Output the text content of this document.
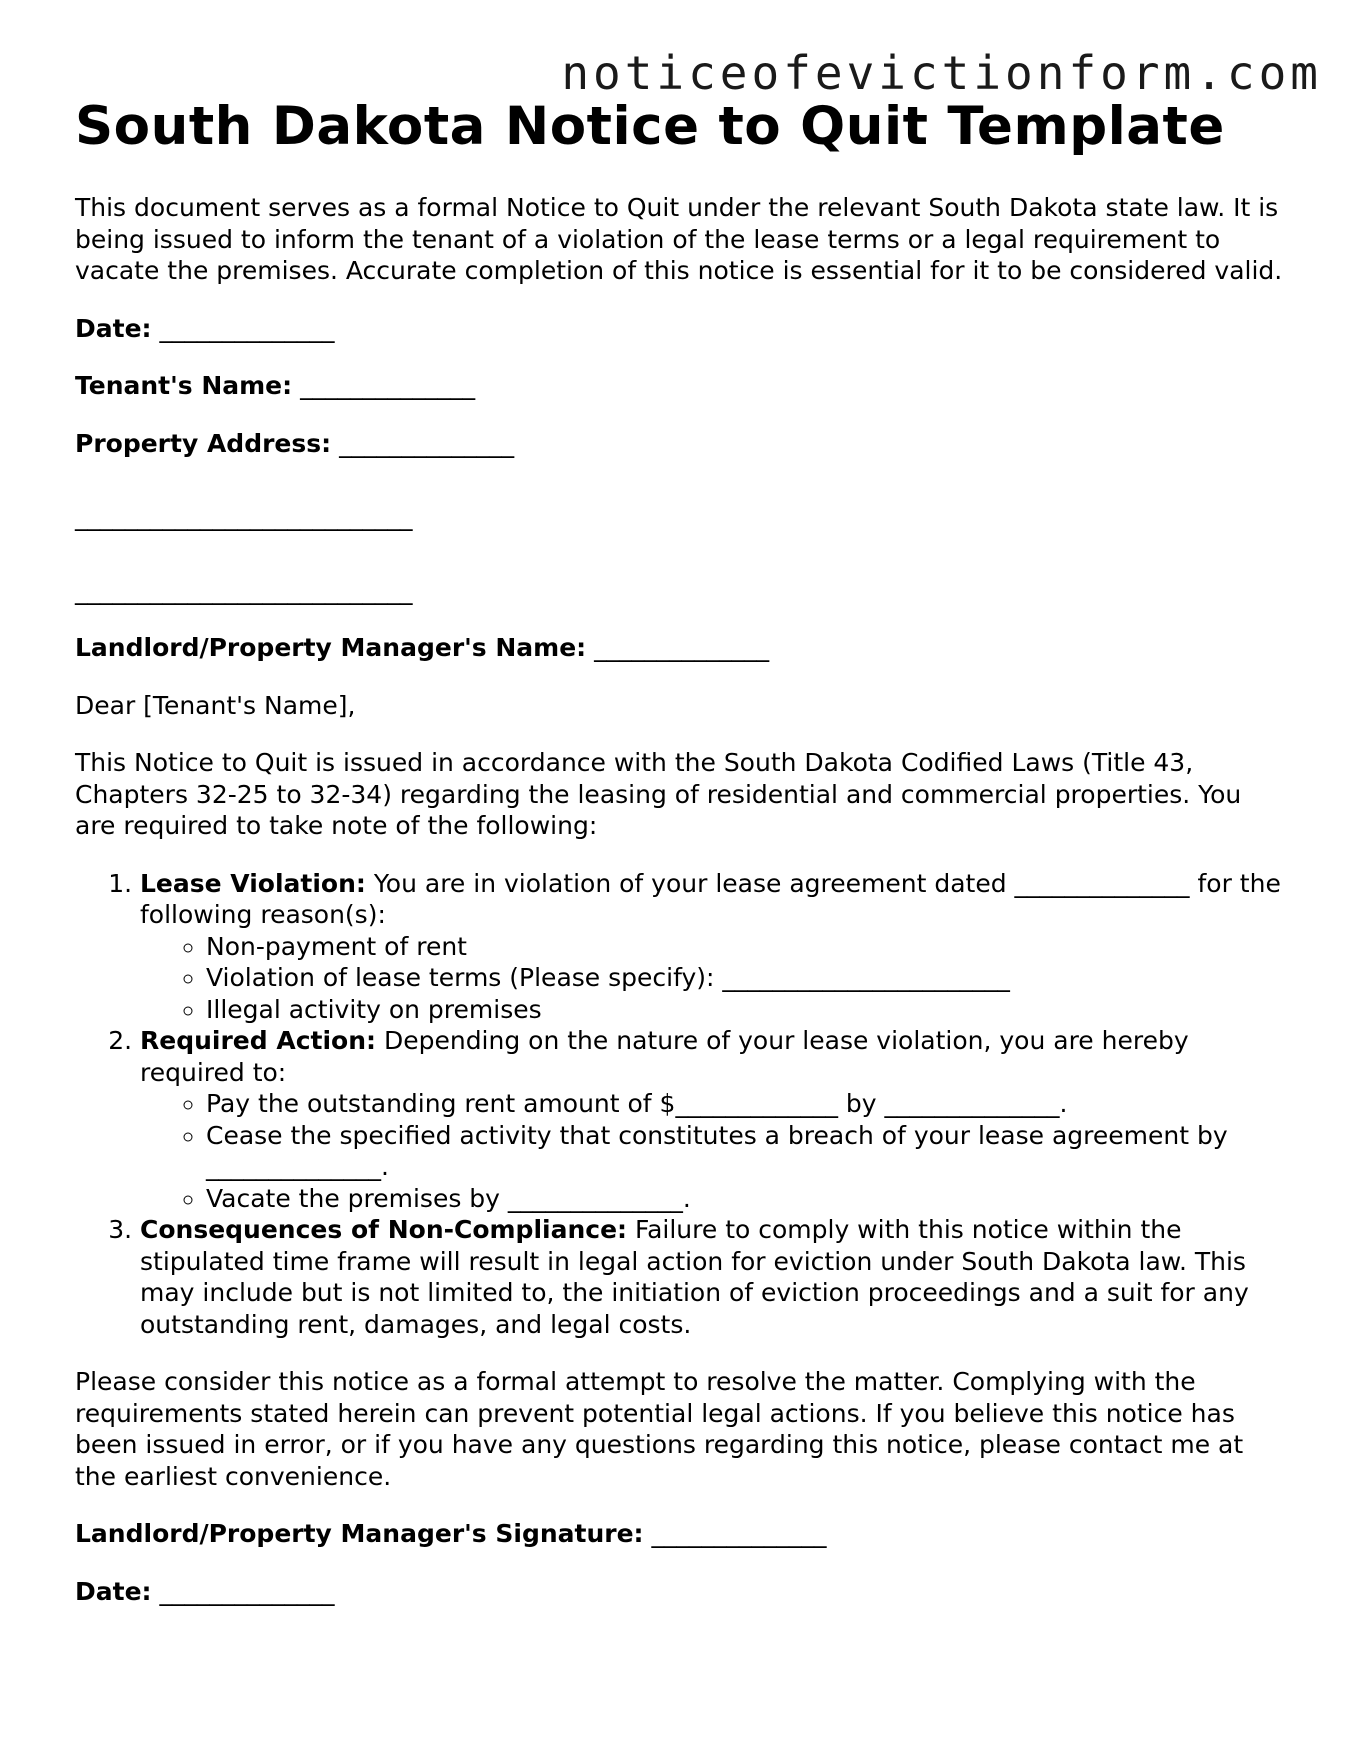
noticeofevictionform.com
South Dakota Notice to Quit Template

This document serves as a formal Notice to Quit under the relevant South Dakota state law. It is being issued to inform the tenant of a violation of the lease terms or a legal requirement to vacate the premises. Accurate completion of this notice is essential for it to be considered valid.

Date: ______________
Tenant's Name: ______________
Property Address: ______________
___________________________
___________________________
Landlord/Property Manager's Name: ______________

Dear [Tenant's Name],

This Notice to Quit is issued in accordance with the South Dakota Codified Laws (Title 43, Chapters 32-25 to 32-34) regarding the leasing of residential and commercial properties. You are required to take note of the following:

1. Lease Violation: You are in violation of your lease agreement dated ______________ for the following reason(s):
◦ Non-payment of rent
◦ Violation of lease terms (Please specify): _______________________
◦ Illegal activity on premises
2. Required Action: Depending on the nature of your lease violation, you are hereby required to:
◦ Pay the outstanding rent amount of $_____________ by ______________.
◦ Cease the specified activity that constitutes a breach of your lease agreement by ______________.
◦ Vacate the premises by ______________.
3. Consequences of Non-Compliance: Failure to comply with this notice within the stipulated time frame will result in legal action for eviction under South Dakota law. This may include but is not limited to, the initiation of eviction proceedings and a suit for any outstanding rent, damages, and legal costs.

Please consider this notice as a formal attempt to resolve the matter. Complying with the requirements stated herein can prevent potential legal actions. If you believe this notice has been issued in error, or if you have any questions regarding this notice, please contact me at the earliest convenience.

Landlord/Property Manager's Signature: ______________
Date: ______________
